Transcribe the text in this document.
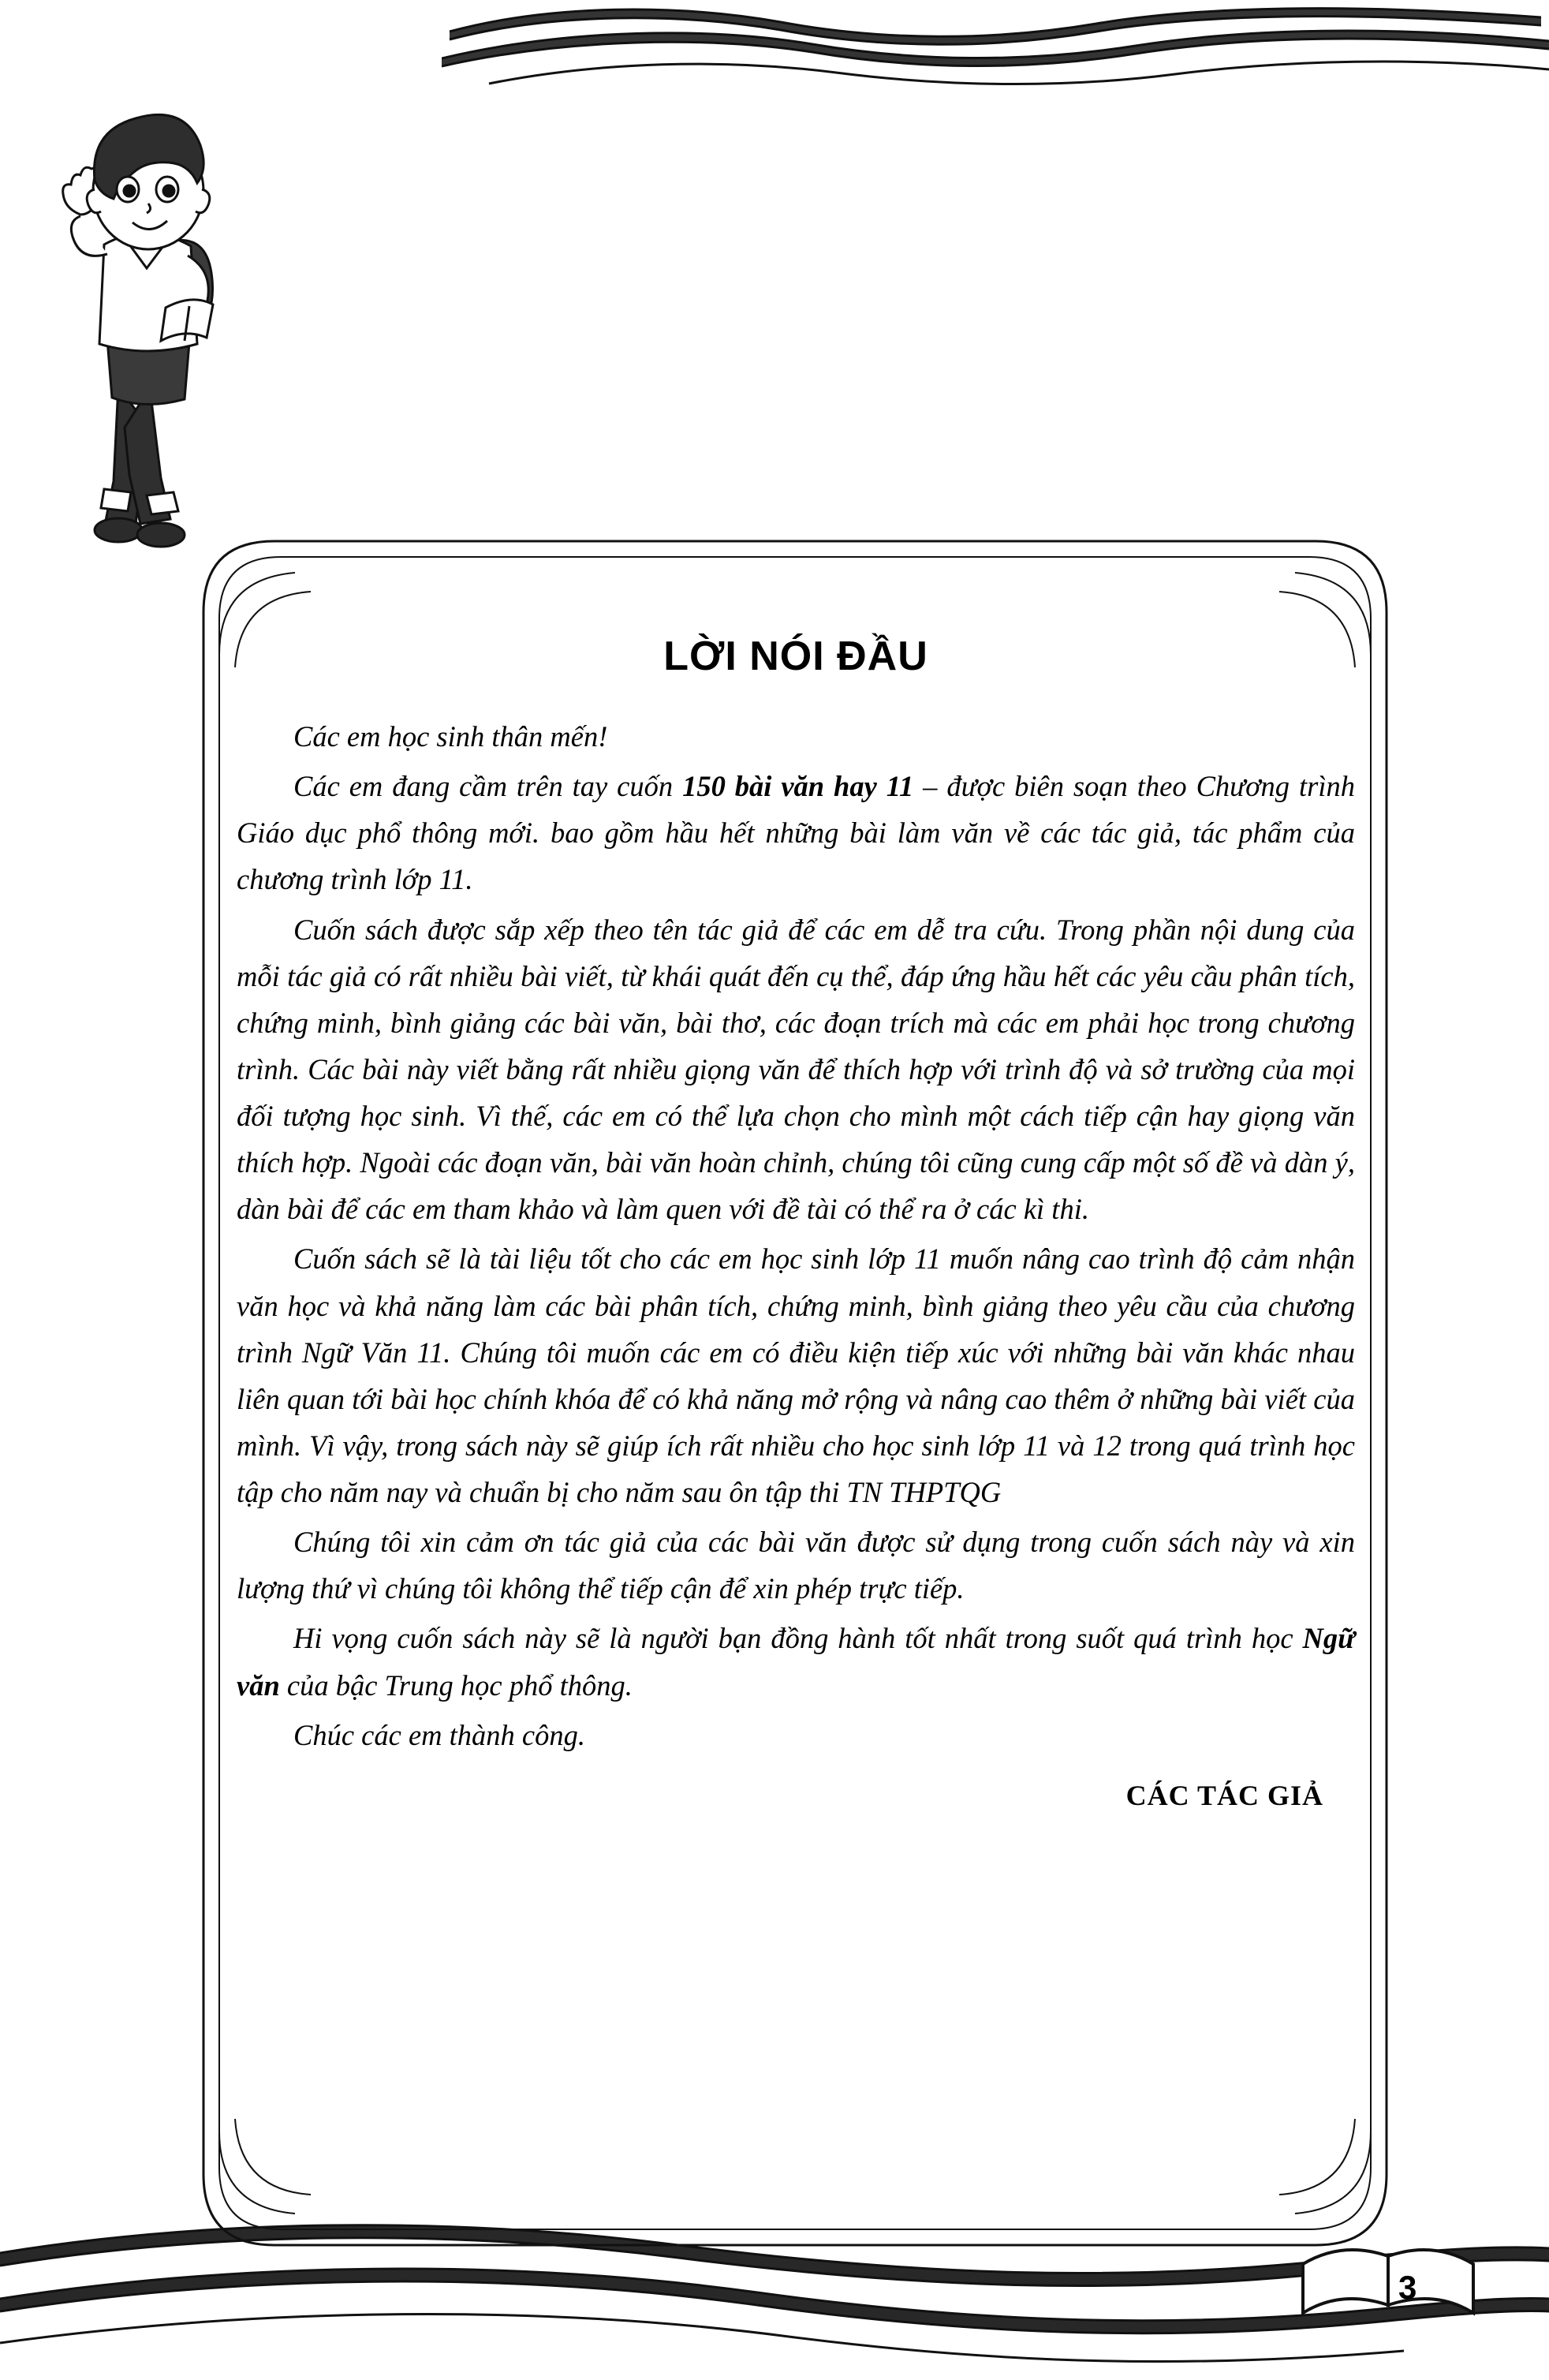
LỜI NÓI ĐẦU

Các em học sinh thân mến!

Các em đang cầm trên tay cuốn 150 bài văn hay 11 – được biên soạn theo Chương trình Giáo dục phổ thông mới. bao gồm hầu hết những bài làm văn về các tác giả, tác phẩm của chương trình lớp 11.

Cuốn sách được sắp xếp theo tên tác giả để các em dễ tra cứu. Trong phần nội dung của mỗi tác giả có rất nhiều bài viết, từ khái quát đến cụ thể, đáp ứng hầu hết các yêu cầu phân tích, chứng minh, bình giảng các bài văn, bài thơ, các đoạn trích mà các em phải học trong chương trình. Các bài này viết bằng rất nhiều giọng văn để thích hợp với trình độ và sở trường của mọi đối tượng học sinh. Vì thế, các em có thể lựa chọn cho mình một cách tiếp cận hay giọng văn thích hợp. Ngoài các đoạn văn, bài văn hoàn chỉnh, chúng tôi cũng cung cấp một số đề và dàn ý, dàn bài để các em tham khảo và làm quen với đề tài có thể ra ở các kì thi.

Cuốn sách sẽ là tài liệu tốt cho các em học sinh lớp 11 muốn nâng cao trình độ cảm nhận văn học và khả năng làm các bài phân tích, chứng minh, bình giảng theo yêu cầu của chương trình Ngữ Văn 11. Chúng tôi muốn các em có điều kiện tiếp xúc với những bài văn khác nhau liên quan tới bài học chính khóa để có khả năng mở rộng và nâng cao thêm ở những bài viết của mình. Vì vậy, trong sách này sẽ giúp ích rất nhiều cho học sinh lớp 11 và 12 trong quá trình học tập cho năm nay và chuẩn bị cho năm sau ôn tập thi TN THPTQG

Chúng tôi xin cảm ơn tác giả của các bài văn được sử dụng trong cuốn sách này và xin lượng thứ vì chúng tôi không thể tiếp cận để xin phép trực tiếp.

Hi vọng cuốn sách này sẽ là người bạn đồng hành tốt nhất trong suốt quá trình học Ngữ văn của bậc Trung học phổ thông.

Chúc các em thành công.

CÁC TÁC GIẢ
3
